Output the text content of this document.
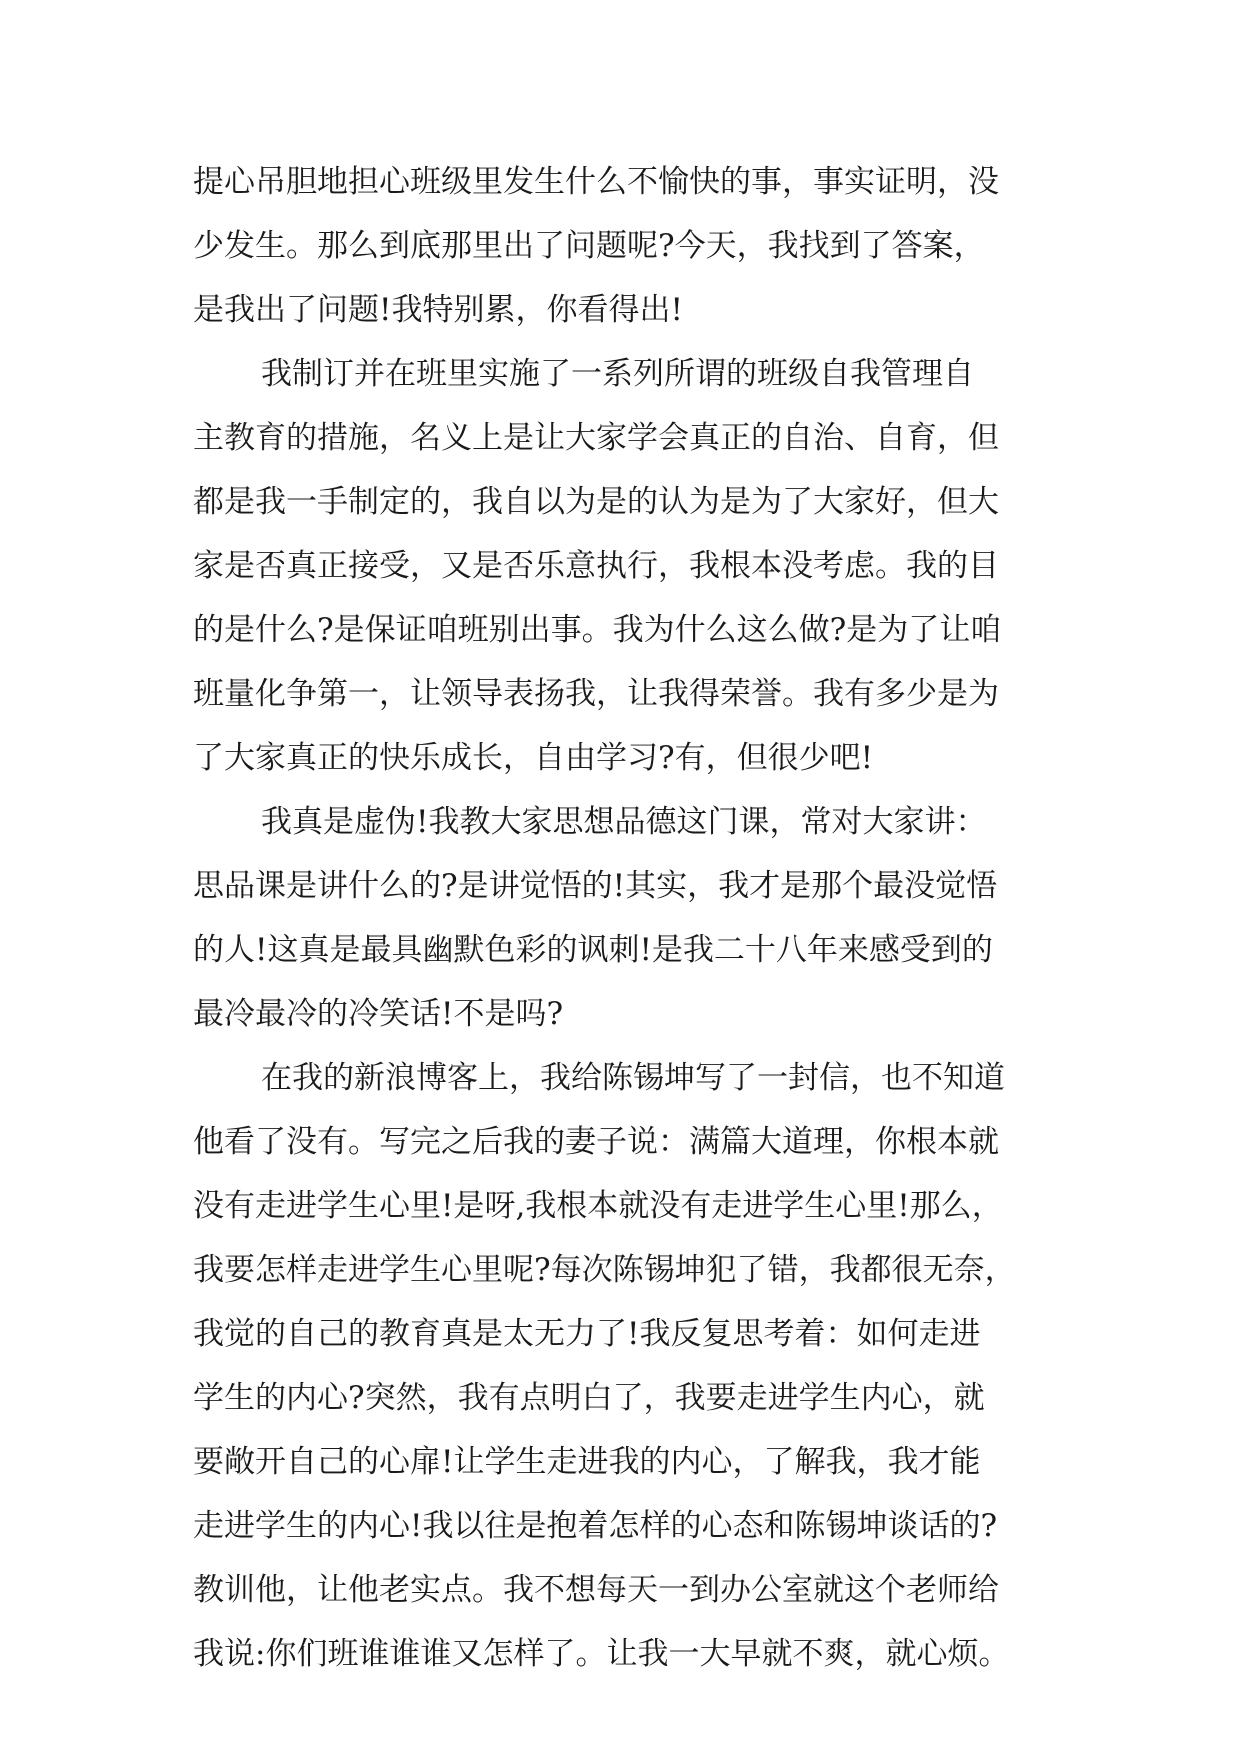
提心吊胆地担心班级里发生什么不愉快的事，事实证明，没
少发生。那么到底那里出了问题呢?今天，我找到了答案，
是我出了问题!我特别累，你看得出!
我制订并在班里实施了一系列所谓的班级自我管理自
主教育的措施，名义上是让大家学会真正的自治、自育，但
都是我一手制定的，我自以为是的认为是为了大家好，但大
家是否真正接受，又是否乐意执行，我根本没考虑。我的目
的是什么?是保证咱班别出事。我为什么这么做?是为了让咱
班量化争第一，让领导表扬我，让我得荣誉。我有多少是为
了大家真正的快乐成长，自由学习?有，但很少吧!
我真是虚伪!我教大家思想品德这门课，常对大家讲：
思品课是讲什么的?是讲觉悟的!其实，我才是那个最没觉悟
的人!这真是最具幽默色彩的讽刺!是我二十八年来感受到的
最冷最冷的冷笑话!不是吗?
在我的新浪博客上，我给陈锡坤写了一封信，也不知道
他看了没有。写完之后我的妻子说：满篇大道理，你根本就
没有走进学生心里!是呀,我根本就没有走进学生心里!那么，
我要怎样走进学生心里呢?每次陈锡坤犯了错，我都很无奈，
我觉的自己的教育真是太无力了!我反复思考着：如何走进
学生的内心?突然，我有点明白了，我要走进学生内心，就
要敞开自己的心扉!让学生走进我的内心，了解我，我才能
走进学生的内心!我以往是抱着怎样的心态和陈锡坤谈话的?
教训他，让他老实点。我不想每天一到办公室就这个老师给
我说:你们班谁谁谁又怎样了。让我一大早就不爽，就心烦。
